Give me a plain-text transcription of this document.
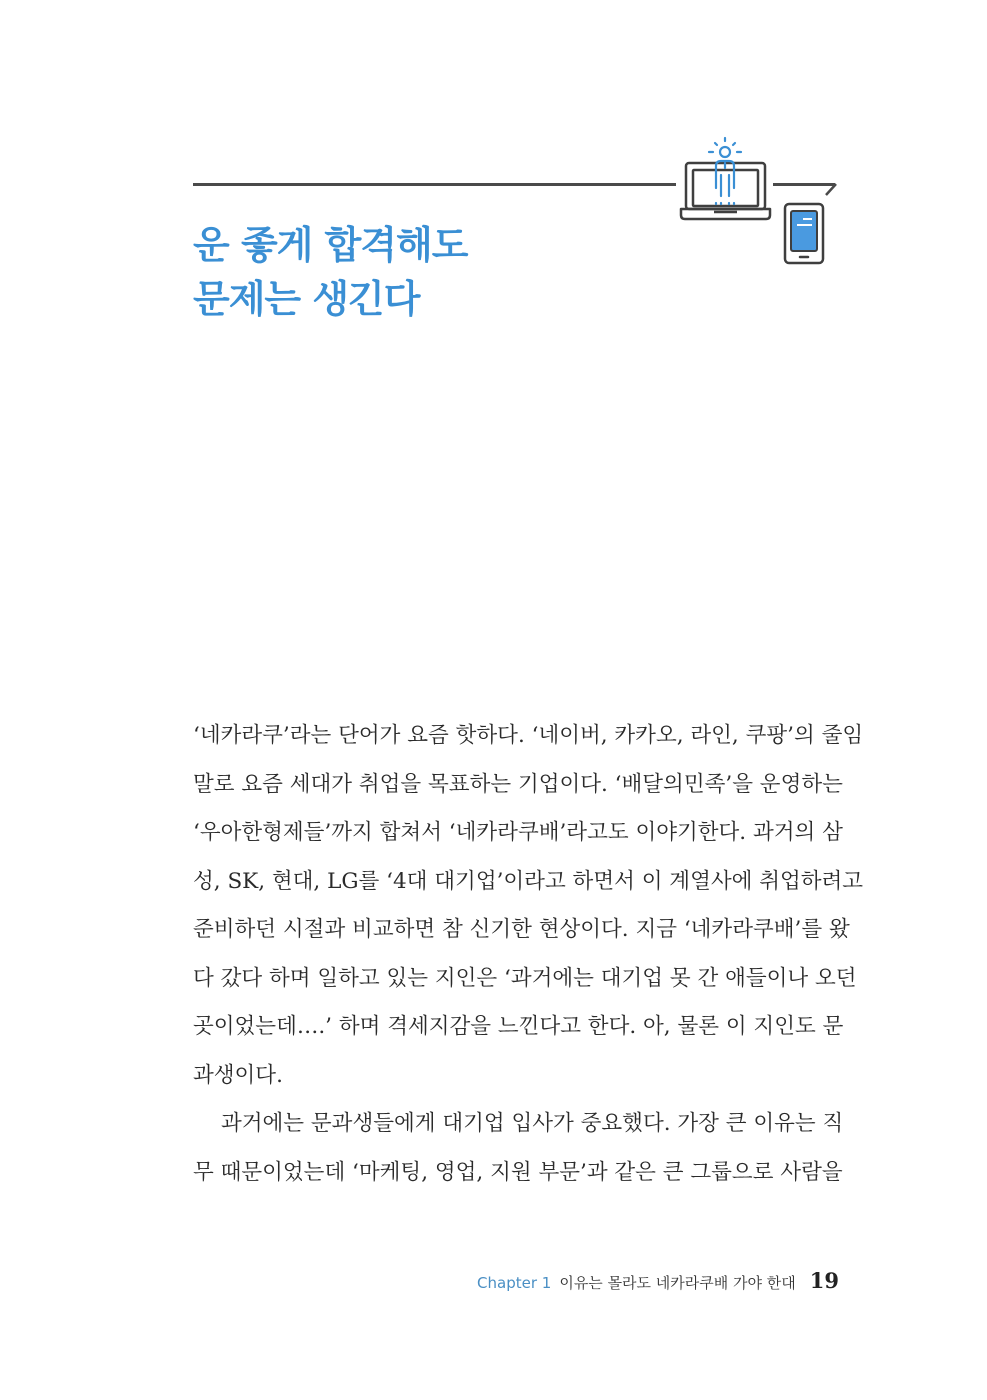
운 좋게 합격해도
문제는 생긴다
‘네카라쿠’라는 단어가 요즘 핫하다. ‘네이버, 카카오, 라인, 쿠팡’의 줄임
말로 요즘 세대가 취업을 목표하는 기업이다. ‘배달의민족’을 운영하는
‘우아한형제들’까지 합쳐서 ‘네카라쿠배’라고도 이야기한다. 과거의 삼
성, SK, 현대, LG를 ‘4대 대기업’이라고 하면서 이 계열사에 취업하려고
준비하던 시절과 비교하면 참 신기한 현상이다. 지금 ‘네카라쿠배’를 왔
다 갔다 하며 일하고 있는 지인은 ‘과거에는 대기업 못 간 애들이나 오던
곳이었는데….’ 하며 격세지감을 느낀다고 한다. 아, 물론 이 지인도 문
과생이다.
과거에는 문과생들에게 대기업 입사가 중요했다. 가장 큰 이유는 직
무 때문이었는데 ‘마케팅, 영업, 지원 부문’과 같은 큰 그룹으로 사람을
Chapter 1 이유는 몰라도 네카라쿠배 가야 한대 19
